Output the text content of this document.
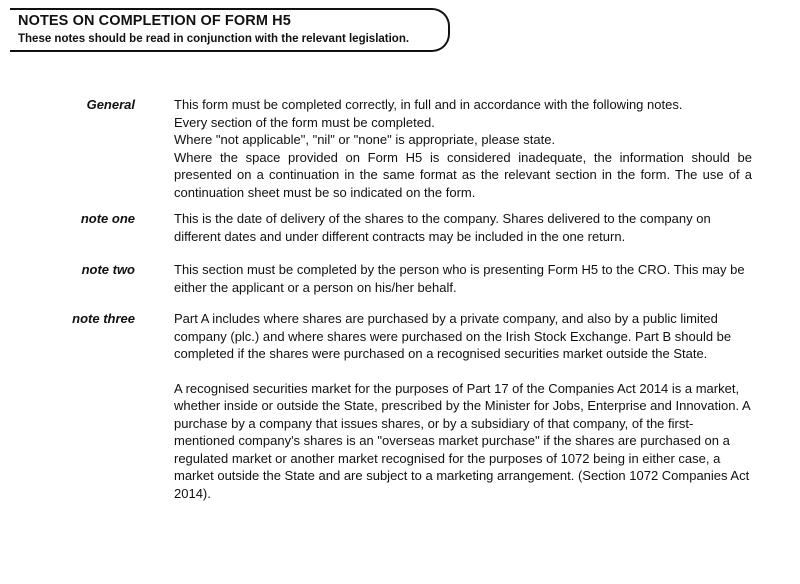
NOTES ON COMPLETION OF FORM H5
These notes should be read in conjunction with the relevant legislation.
General	This form must be completed correctly, in full and in accordance with the following notes.
Every section of the form must be completed.
Where "not applicable", "nil" or "none" is appropriate, please state.

Where the space provided on Form H5 is considered inadequate, the information should be presented on a continuation in the same format as the relevant section in the form. The use of a continuation sheet must be so indicated on the form.

note one	This is the date of delivery of the shares to the company. Shares delivered to the company on different dates and under different contracts may be included in the one return.

note two	This section must be completed by the person who is presenting Form H5 to the CRO. This may be either the applicant or a person on his/her behalf.

note three	Part A includes where shares are purchased by a private company, and also by a public limited company (plc.) and where shares were purchased on the Irish Stock Exchange. Part B should be completed if the shares were purchased on a recognised securities market outside the State.

A recognised securities market for the purposes of Part 17 of the Companies Act 2014 is a market, whether inside or outside the State, prescribed by the Minister for Jobs, Enterprise and Innovation. A purchase by a company that issues shares, or by a subsidiary of that company, of the first-mentioned company's shares is an "overseas market purchase" if the shares are purchased on a regulated market or another market recognised for the purposes of 1072 being in either case, a market outside the State and are subject to a marketing arrangement. (Section 1072 Companies Act 2014).
